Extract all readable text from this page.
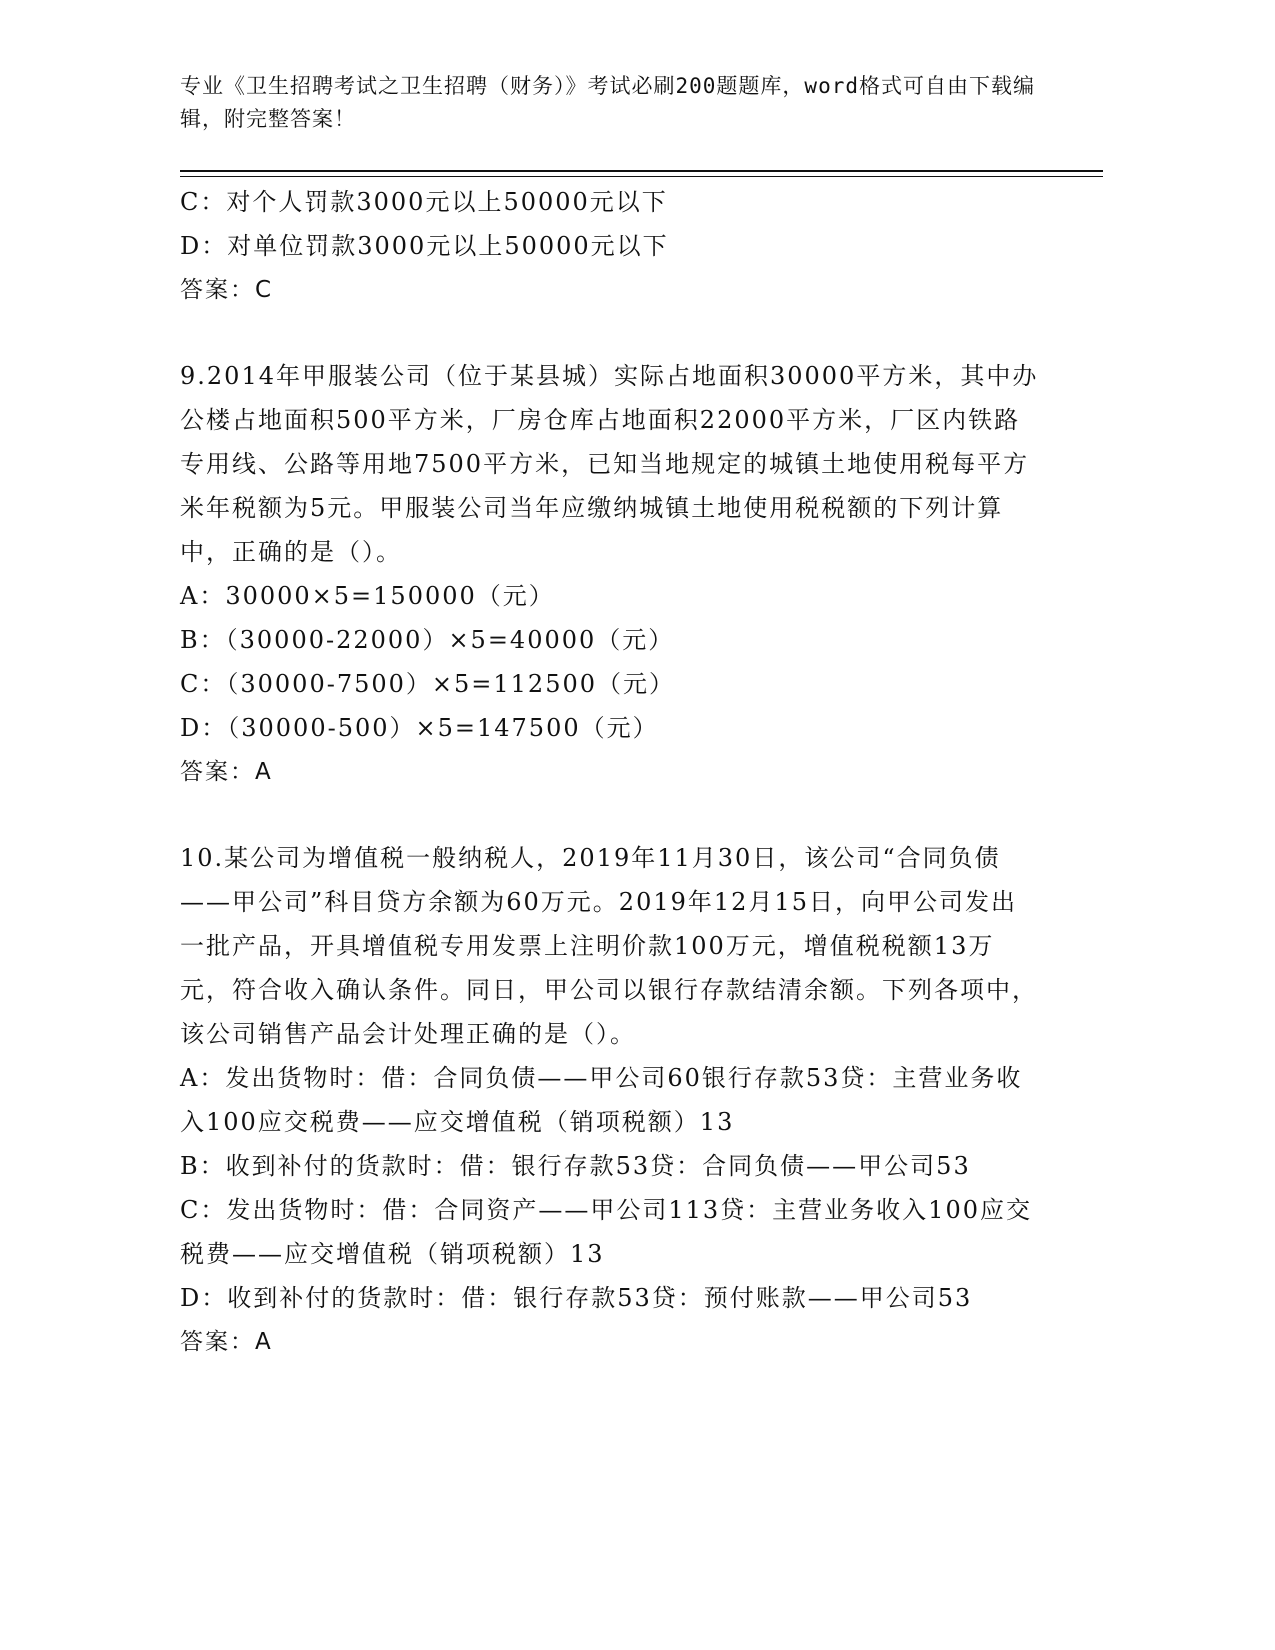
专业《卫生招聘考试之卫生招聘（财务）》考试必刷200题题库，word格式可自由下载编辑，附完整答案！

C：对个人罚款3000元以上50000元以下

D：对单位罚款3000元以上50000元以下

答案：C

9.2014年甲服装公司（位于某县城）实际占地面积30000平方米，其中办公楼占地面积500平方米，厂房仓库占地面积22000平方米，厂区内铁路专用线、公路等用地7500平方米，已知当地规定的城镇土地使用税每平方米年税额为5元。甲服装公司当年应缴纳城镇土地使用税税额的下列计算中，正确的是（）。

A：30000×5=150000（元）

B：（30000-22000）×5=40000（元）

C：（30000-7500）×5=112500（元）

D：（30000-500）×5=147500（元）

答案：A

10.某公司为增值税一般纳税人，2019年11月30日，该公司“合同负债——甲公司”科目贷方余额为60万元。2019年12月15日，向甲公司发出一批产品，开具增值税专用发票上注明价款100万元，增值税税额13万元，符合收入确认条件。同日，甲公司以银行存款结清余额。下列各项中，该公司销售产品会计处理正确的是（）。

A：发出货物时：借：合同负债——甲公司60银行存款53贷：主营业务收入100应交税费——应交增值税（销项税额）13

B：收到补付的货款时：借：银行存款53贷：合同负债——甲公司53

C：发出货物时：借：合同资产——甲公司113贷：主营业务收入100应交税费——应交增值税（销项税额）13

D：收到补付的货款时：借：银行存款53贷：预付账款——甲公司53

答案：A
